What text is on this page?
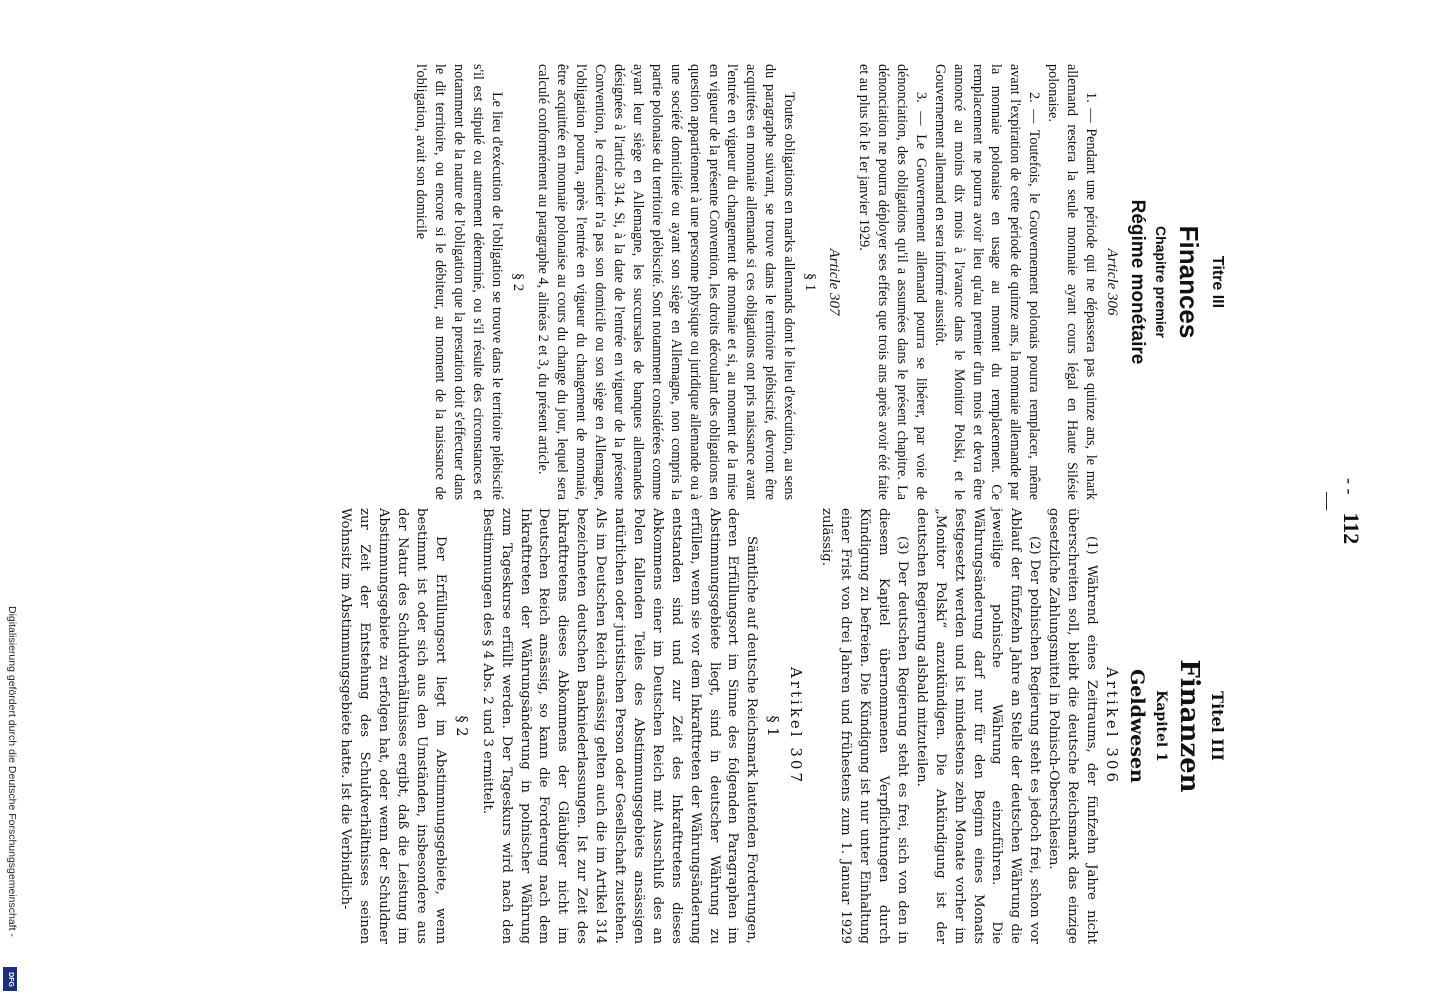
- - 112 —
Titre III
Finances
Chapitre premier
Régime monétaire
Article 306

1. — Pendant une période qui ne dépassera pas quinze ans, le mark allemand restera la seule monnaie ayant cours légal en Haute Silésie polonaise.

2. — Toutefois, le Gouvernement polonais pourra remplacer, même avant l'expiration de cette période de quinze ans, la monnaie allemande par la monnaie polonaise en usage au moment du remplacement. Ce remplacement ne pourra avoir lieu qu'au premier d'un mois et devra être annoncé au moins dix mois à l'avance dans le Monitor Polski, et le Gouvernement allemand en sera informé aussitôt.

3. — Le Gouvernement allemand pourra se libérer, par voie de dénonciation, des obligations qu'il a assumées dans le présent chapitre. La dénonciation ne pourra déployer ses effets que trois ans après avoir été faite et au plus tôt le 1er janvier 1929.

Article 307
§ 1

Toutes obligations en marks allemands dont le lieu d'exécution, au sens du paragraphe suivant, se trouve dans le territoire plébiscité, devront être acquittées en monnaie allemande si ces obligations ont pris naissance avant l'entrée en vigueur du changement de monnaie et si, au moment de la mise en vigueur de la présente Convention, les droits découlant des obligations en question appartiennent à une personne physique ou juridique allemande ou à une société domiciliée ou ayant son siège en Allemagne, non compris la partie polonaise du territoire plébiscité. Sont notamment considérées comme ayant leur siège en Allemagne, les succursales de banques allemandes désignées à l'article 314. Si, à la date de l'entrée en vigueur de la présente Convention, le créancier n'a pas son domicile ou son siège en Allemagne, l'obligation pourra, après l'entrée en vigueur du changement de monnaie, être acquittée en monnaie polonaise au cours du change du jour, lequel sera calculé conformément au paragraphe 4, alinéas 2 et 3, du présent article.

§ 2

Le lieu d'exécution de l'obligation se trouve dans le territoire plébiscité s'il est stipulé ou autrement déterminé, ou s'il résulte des circonstances et notamment de la nature de l'obligation que la prestation doit s'effectuer dans le dit territoire, ou encore si le débiteur, au moment de la naissance de l'obligation, avait son domicile

Titel III
Finanzen
Kapitel 1
Geldwesen
Artikel 306

(1) Während eines Zeitraums, der fünfzehn Jahre nicht überschreiten soll, bleibt die deutsche Reichsmark das einzige gesetzliche Zahlungsmittel in Polnisch-Oberschlesien.

(2) Der polnischen Regierung steht es jedoch frei, schon vor Ablauf der fünfzehn Jahre an Stelle der deutschen Währung die jeweilige polnische Währung einzuführen. Die Währungsänderung darf nur für den Beginn eines Monats festgesetzt werden und ist mindestens zehn Monate vorher im „Monitor Polski“ anzukündigen. Die Ankündigung ist der deutschen Regierung alsbald mitzuteilen.

(3) Der deutschen Regierung steht es frei, sich von den in diesem Kapitel übernommenen Verpflichtungen durch Kündigung zu befreien. Die Kündigung ist nur unter Einhaltung einer Frist von drei Jahren und frühestens zum 1. Januar 1929 zulässig.

Artikel 307
§ 1

Sämtliche auf deutsche Reichsmark lautenden Forderungen, deren Erfüllungsort im Sinne des folgenden Paragraphen im Abstimmungsgebiete liegt, sind in deutscher Währung zu erfüllen, wenn sie vor dem Inkrafttreten der Währungsänderung entstanden sind und zur Zeit des Inkrafttretens dieses Abkommens einer im Deutschen Reich mit Ausschluß des an Polen fallenden Teiles des Abstimmungsgebiets ansässigen natürlichen oder juristischen Person oder Gesellschaft zustehen. Als im Deutschen Reich ansässig gelten auch die im Artikel 314 bezeichneten deutschen Bankniederlassungen. Ist zur Zeit des Inkrafttretens dieses Abkommens der Gläubiger nicht im Deutschen Reich ansässig, so kann die Forderung nach dem Inkrafttreten der Währungsänderung in polnischer Währung zum Tageskurse erfüllt werden. Der Tageskurs wird nach den Bestimmungen des § 4 Abs. 2 und 3 ermittelt.

§ 2

Der Erfüllungsort liegt im Abstimmungsgebiete, wenn bestimmt ist oder sich aus den Umständen, insbesondere aus der Natur des Schuldverhältnisses ergibt, daß die Leistung im Abstimmungsgebiete zu erfolgen hat, oder wenn der Schuldner zur Zeit der Entstehung des Schuldverhältnisses seinen Wohnsitz im Abstimmungsgebiete hatte. Ist die Verbindlich-

Digitalisierung gefördert durch die Deutsche Forschungsgemeinschaft -
DFG
